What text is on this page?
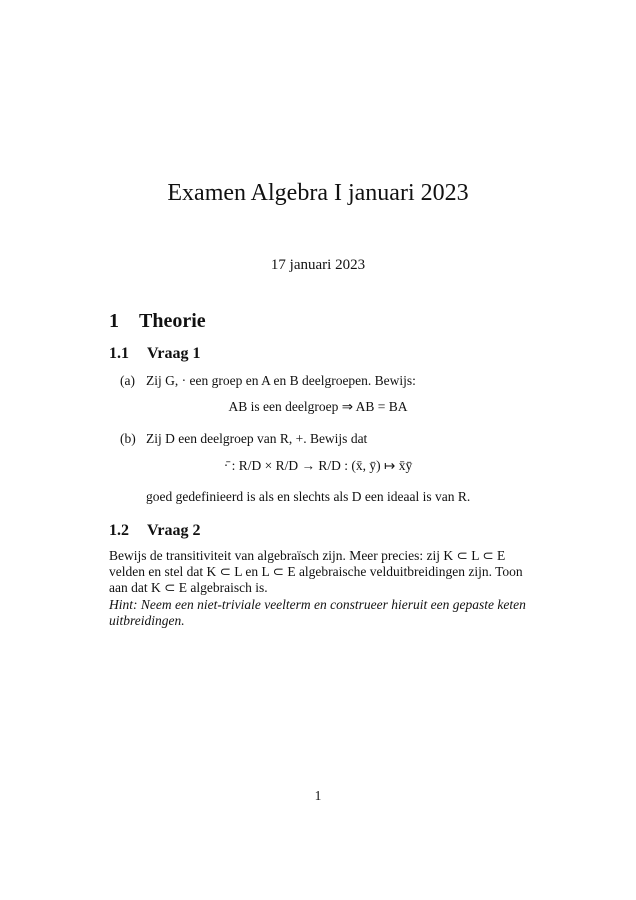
Examen Algebra I januari 2023
17 januari 2023
1 Theorie
1.1 Vraag 1
(a) Zij G, · een groep en A en B deelgroepen. Bewijs:
AB is een deelgroep ⇒ AB = BA
(b) Zij D een deelgroep van R, +. Bewijs dat
·̄ : R/D × R/D → R/D : (x̄, ȳ) ↦ x̄ȳ
goed gedefinieerd is als en slechts als D een ideaal is van R.
1.2 Vraag 2
Bewijs de transitiviteit van algebraïsch zijn. Meer precies: zij K ⊂ L ⊂ E
velden en stel dat K ⊂ L en L ⊂ E algebraische velduitbreidingen zijn. Toon
aan dat K ⊂ E algebraisch is.
Hint: Neem een niet-triviale veelterm en construeer hieruit een gepaste keten
uitbreidingen.
1
